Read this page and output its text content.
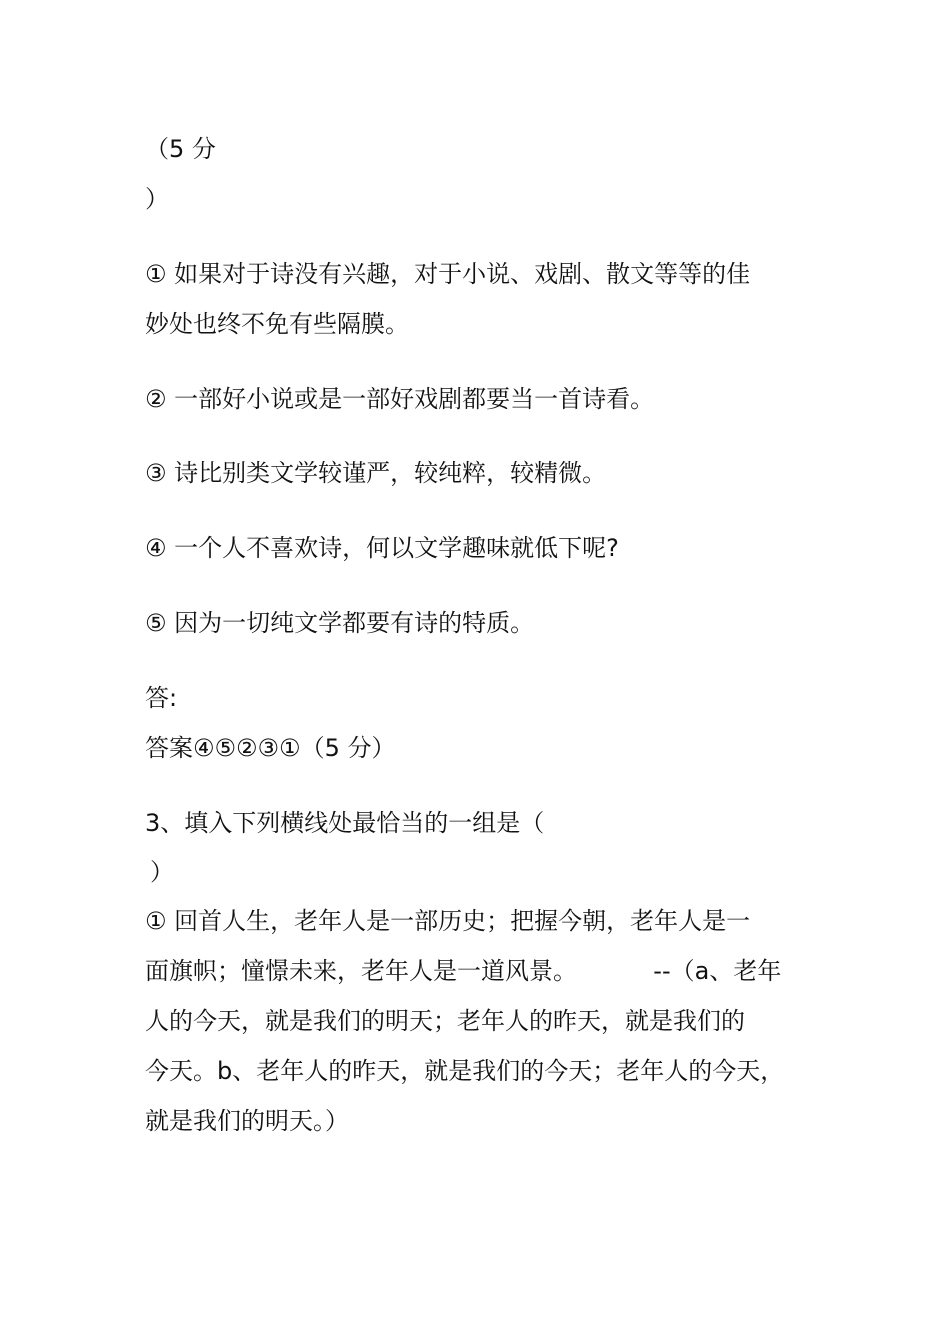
（5 分
）
① 如果对于诗没有兴趣，对于小说、戏剧、散文等等的佳
妙处也终不免有些隔膜。
② 一部好小说或是一部好戏剧都要当一首诗看。
③ 诗比别类文学较谨严，较纯粹，较精微。
④ 一个人不喜欢诗，何以文学趣味就低下呢?
⑤ 因为一切纯文学都要有诗的特质。
答:
答案④⑤②③①（5 分）
3、填入下列横线处最恰当的一组是（
）
① 回首人生，老年人是一部历史；把握今朝，老年人是一
面旗帜；憧憬未来，老年人是一道风景。          --（a、老年
人的今天，就是我们的明天；老年人的昨天，就是我们的
今天。b、老年人的昨天，就是我们的今天；老年人的今天，
就是我们的明天。）
